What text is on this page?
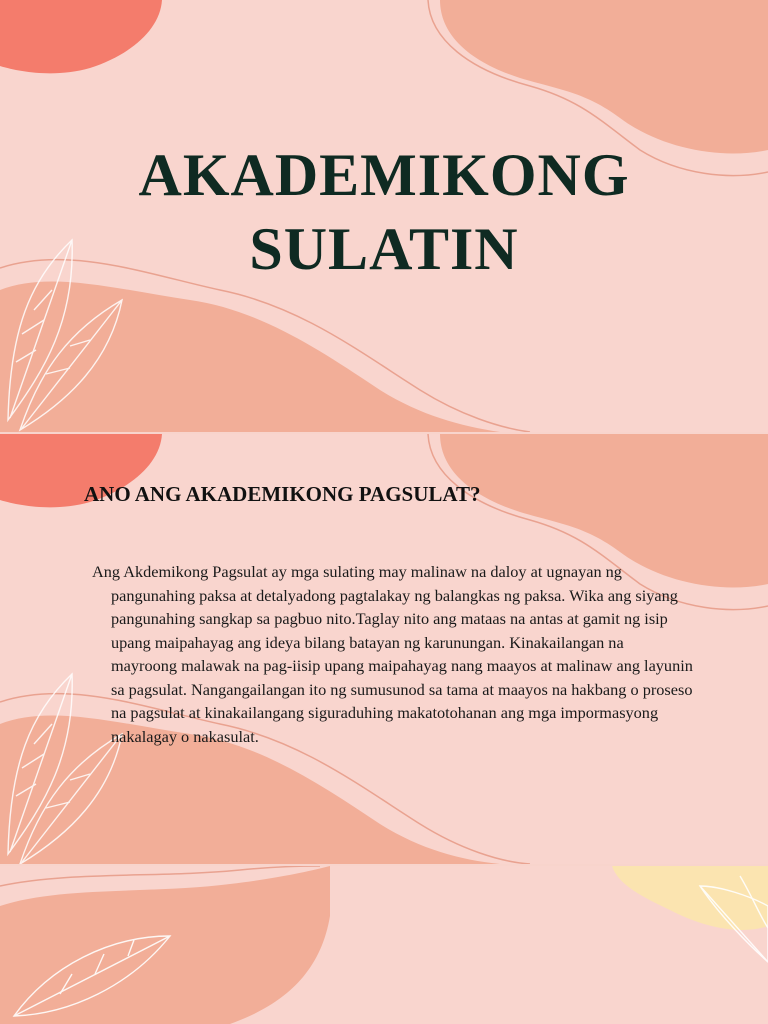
AKADEMIKONG
SULATIN
ANO ANG AKADEMIKONG PAGSULAT?
Ang Akdemikong Pagsulat ay mga sulating may malinaw na daloy at ugnayan ng pangunahing paksa at detalyadong pagtalakay ng balangkas ng paksa. Wika ang siyang pangunahing sangkap sa pagbuo nito.Taglay nito ang mataas na antas at gamit ng isip upang maipahayag ang ideya bilang batayan ng karunungan. Kinakailangan na mayroong malawak na pag-iisip upang maipahayag nang maayos at malinaw ang layunin sa pagsulat. Nangangailangan ito ng sumusunod sa tama at maayos na hakbang o proseso na pagsulat at kinakailangang siguraduhing makatotohanan ang mga impormasyong nakalagay o nakasulat.
